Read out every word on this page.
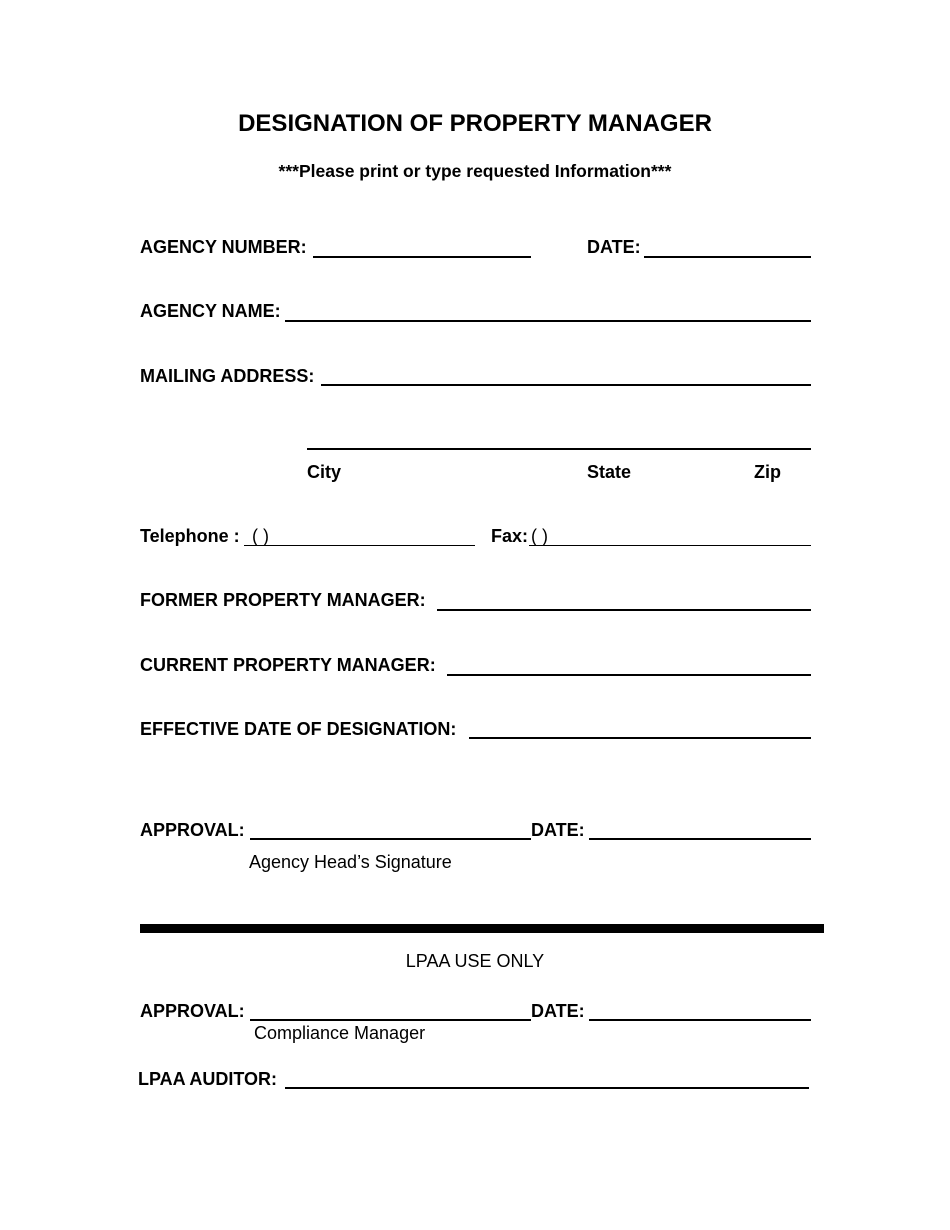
DESIGNATION OF PROPERTY MANAGER
***Please print or type requested Information***
AGENCY NUMBER:	DATE:
AGENCY NAME:
MAILING ADDRESS:
City	State	Zip
Telephone : ( )	Fax: ( )
FORMER PROPERTY MANAGER:
CURRENT PROPERTY MANAGER:
EFFECTIVE DATE OF DESIGNATION:
APPROVAL:	DATE:
Agency Head’s Signature
LPAA USE ONLY
APPROVAL:	DATE:
Compliance Manager
LPAA AUDITOR:
